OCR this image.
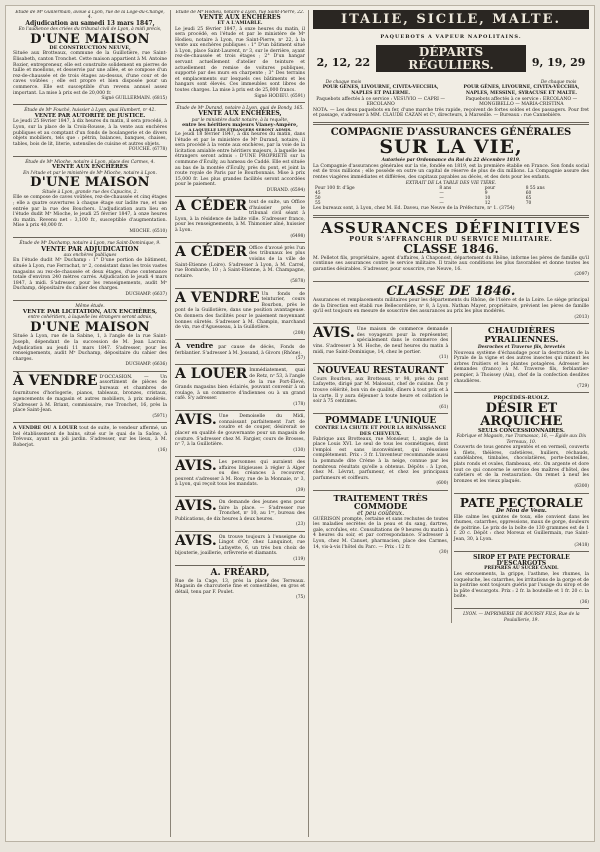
Étude de Mᵉ Guillermain, avoué à Lyon, rue de la Loge-du-Change, 4.

Adjudication au samedi 13 mars 1847,

En l'audience des criées du tribunal civil de Lyon, à midi précis,

D'UNE MAISON

DE CONSTRUCTION NEUVE,

Située aux Brotteaux, commune de la Guillotière, rue Saint-Élisabeth, canton Tronchet. Cette maison appartient à M. Antoine Rozier, entrepreneur, elle est construite solidement en pierres de taille et moellons, et desservie par une allée, et se compose d'un rez-de-chaussée et de trois étages au-dessus, d'une cour et de caves voûtées ; elle est propre et bien disposée pour un commerce. Elle est susceptible d'un revenu annuel assez important. La mise à prix est de 20,000 fr.

Signé GUILLERMAIN. (6815)

Étude de Mᵉ Fouché, huissier à Lyon, quai Humbert, nᵒ 42.

VENTE PAR AUTORITÉ DE JUSTICE.

Le jeudi 25 février 1847, à dix heures du matin, il sera procédé, à Lyon, sur la place de la Croix-Rousse, à la vente aux enchères publiques et au comptant d'un fonds de boulangerie et de divers objets mobiliers, tels que : pétrin, balances, banques, chaises, tables, bois de lit, literie, ustensiles de cuisine et autres objets.

FOUCHÉ. (6778)

Étude de Mᵉ Mioche, notaire à Lyon, place des Carmes, 4.

VENTE AUX ENCHÈRES

En l'étude et par le ministère de Mᵉ Mioche, notaire à Lyon.

D'UNE MAISON

Située à Lyon, grande rue des Capucins, 2.

Elle se compose de caves voûtées, rez-de-chaussée et cinq étages ; elle a quatre ouvertures à chaque étage sur ladite rue, et une entrée par la rue des Bouchers. L'adjudication aura lieu en l'étude dudit Mᵉ Mioche, le jeudi 25 février 1847, à onze heures du matin. Revenu net : 3,100 fr., susceptible d'augmentation. Mise à prix 40,000 fr.

MIOCHE. (6510)

Étude de Mᵉ Duchamp, notaire à Lyon, rue Saint-Dominique, 9.

VENTE PAR ADJUDICATION

aux enchères publiques

En l'étude dudit Mᵉ Duchamp : 1° D'une portion de bâtiment, située à Lyon, rue Ferrachat, nᵒ 2, consistant dans les trois vastes magasins au rez-de-chaussée et deux étages, d'une contenance totale d'environ 240 mètres carrés. Adjudication le jeudi 4 mars 1847, à midi. S'adresser, pour les renseignements, audit Mᵉ Duchamp, dépositaire du cahier des charges.

DUCHAMP. (6637)

Même étude.

VENTE PAR LICITATION, AUX ENCHÈRES,

entre cohéritiers, à laquelle les étrangers seront admis,

D'UNE MAISON

Située à Lyon, rue de la Sabine, 1, à l'angle de la rue Saint-Joseph, dépendant de la succession de M. Jean Lacroix. Adjudication au jeudi 11 mars 1847. S'adresser, pour les renseignements, audit Mᵉ Duchamp, dépositaire du cahier des charges.

DUCHAMP. (6636)

À VENDRE D'OCCASION. — Un assortiment de pièces de bureaux et chambres de fournitures d'horlogerie, pianos, tableaux, bronzes, cristaux, agencements de magasin et autres mobiliers, à prix modérés. S'adresser à M. Briant, commissaire, rue Tronchet, 16, près la place Saint-Jean.

(5971)

A VENDRE OU A LOUER tout de suite, le vendeur affermé, un bel établissement de bains, situé sur le quai de la Saône, à Trévoux, ayant un joli jardin. S'adresser, sur les lieux, à M. Roberjot.

(16)

Étude de Mᵉ Hodieu, notaire à Lyon, rue Saint-Pierre, 22.

VENTE AUX ENCHÈRES

ET A L'AMIABLE.

Le jeudi 25 février 1847, à onze heures du matin, il sera procédé, en l'étude et par le ministère de Mᵉ Hodieu, notaire à Lyon, rue Saint-Pierre, nᵒ 22, à la vente aux enchères publiques : 1° D'un bâtiment situé à Lyon, place Saint-Laurent, nᵒ 3, sur le derrière, ayant rez-de-chaussée et trois étages ; 2° D'un hangar servant actuellement d'atelier de teinture et actuellement de remise de voitures publiques, supporté par des murs en charpente ; 3° Des terrains et emplacements sur lesquels ces bâtiments et les hangars sont élevés. Ces immeubles sont libres de toutes charges. La mise à prix est de 25,000 francs.

Signé HODIEU. (6591)

Étude de Mᵉ Durand, notaire à Lyon, quai de Bondy, 165.

VENTE AUX ENCHÈRES,

par le ministère dudit notaire, à la requête,

entre les héritiers majeurs Vianey-Ampère,

A LAQUELLE LES ÉTRANGERS SERONT ADMIS.

Le jeudi 18 février 1847, à dix heures du matin, dans l'étude et par le ministère de Mᵉ Durand, notaire, il sera procédé à la vente aux enchères, par la voie de la licitation amiable entre héritiers majeurs, à laquelle les étrangers seront admis : D'UNE PROPRIÉTÉ sur la commune d'Écully, au hameau de Caddé. Elle est située au bas de la montée d'Écully, près du pont, et joint la route royale de Paris par le Bourbonnais. Mise à prix 15,000 fr. Les plus grandes facilités seront accordées pour le paiement.

DURAND. (6594)

A CÉDER tout de suite, un Office d'huissier près le tribunal civil séant à Lyon, à la résidence de ladite ville. S'adresser franco, pour les renseignements, à M. Thimonier aîné, huissier à Lyon.

(6498)

A CÉDER Office d'avoué près l'un des tribunaux les plus voisins de la ville de Saint-Etienne (Loire). S'adresser à Lyon, à M. Carrel, rue Bombarde, 10 ; à Saint-Etienne, à M. Champagne, notaire.

(5878)

A VENDRE Un fonds de teinturier, cours Bourbon, près le pont de la Guillotière, dans une position avantageuse. On donnera des facilités pour le paiement moyennant bonnes sûretés. S'adresser à M. Champin, marchand de vin, rue d'Aguesseau, à la Guillotière.

(208)

A vendre par cause de décès, Fonds de ferblantier. S'adresser à M. Jossand, à Givors (Rhône).

(57)

A LOUER Immédiatement, quai de Retz, nᵒ 53, à l'angle de la rue Port-Élevé, Grands magasins bien éclairés, pouvant convenir à un roulage, à un commerce d'indiennes ou à un grand café. S'y adresser.

(178)

AVIS. Une Demoiselle du Midi, connaissant parfaitement l'art de coudre et de couper, désirerait se placer en qualité de gouvernante pour un magasin de couture. S'adresser chez M. Fargier, cours de Brosses, nᵒ 7, à la Guillotière.

(130)

AVIS. Les personnes qui auraient des affaires litigieuses à régler à Alger ou des créances à recouvrer, peuvent s'adresser à M. Rosy, rue de la Monnaie, nᵒ 3, à Lyon, qui reçoit tous les mandats.

(39)

AVIS. On demande des jeunes gens pour faire la place. — S'adresser rue Tronchet, nᵒ 10, au 1ᵉʳ, bureau des Publications, de dix heures à deux heures.

(23)

AVIS. On trouve toujours à l'enseigne du Lingot d'Or, chez Lanquinot, rue Lafayette, 6, un très bon choix de bijouterie, joaillerie, orfèvrerie et diamants.

(119)

A. FRÉARD,

Rue de la Cage, 13, près la place des Terreaux. Magasin de charcuterie fine et comestibles, en gros et détail, tenu par F. Poulet.

(75)

ITALIE, SICILE, MALTE.

PAQUEBOTS A VAPEUR NAPOLITAINS.

2, 12, 22

De chaque mois

DÉPARTS RÉGULIERS.	9, 19, 29

De chaque mois

POUR GÊNES, LIVOURNE, CIVITA-VECCHIA, NAPLES ET PALERME.

Paquebots affectés à ce service : VESUVIO — CAPRI — ERCOLANO

POUR GÊNES, LIVOURNE, CIVITA-VECCHIA, NAPLES, MESSINE, SYRACUSE ET MALTE.

Paquebots affectés à ce service : ERCOLANO — MONGIBELLO — MARIA-CRISTINA

NOTA. — Les deux paquebots en fer, d'une marche très rapide, reçoivent de fortes soldes et des passagers. Pour fret et passage, s'adresser à MM. CLAUDE CAZAN et Cᵉ, directeurs, à Marseille. — Bureaux : rue Cannebière.

COMPAGNIE D'ASSURANCES GÉNÉRALES

SUR LA VIE,

Autorisée par Ordonnance du Roi du 22 décembre 1819.

La Compagnie d'assurances générales sur la vie, fondée en 1819, est la première établie en France. Son fonds social est de trois millions ; elle possède en outre un capital de réserve de plus de dix millions. La Compagnie assure des rentes viagères immédiates et différées, des capitaux payables au décès, et des dots pour les enfants.

EXTRAIT DE LA TABLE DES VIE TIÈRE.

Pour 100 fr. d'âge	8 ans	pour	8 55 ans
45	—	9	60
50	—	10	65
55	—	12	70

Les bureaux sont, à Lyon, chez M. Ed. Daveu, rue Neuve de la Préfecture, nᵒ 1. (3754)

ASSURANCES DÉFINITIVES

POUR S'AFFRANCHIR DU SERVICE MILITAIRE.

CLASSE 1846.

M. Pelletot fils, propriétaire, agent d'affaires, à Chaponost, département du Rhône, informe les pères de famille qu'il continue ses assurances contre le service militaire. Il traite aux conditions les plus favorables et donne toutes les garanties désirables. S'adresser, pour souscrire, rue Neuve, 16.

(2097)

CLASSE DE 1846.

Assurances et remplacements militaires pour les départements du Rhône, de l'Isère et de la Loire. Le siège principal de la Direction est établi rue Bellecordière, nᵒ 8, à Lyon. Nathan Mayer, propriétaire, prévient les pères de famille qu'il est toujours en mesure de souscrire des assurances au prix les plus modérés.

(2013)

AVIS. Une maison de commerce demande des voyageurs pour la représenter, spécialement dans le commerce des vins. S'adresser à M. Hoche, de neuf heures du matin à midi, rue Saint-Dominique, 14, chez le portier.

(11)

NOUVEAU RESTAURANT

Cours Bourbon, aux Brotteaux, nᵒ 98, près du pont Lafayette, dirigé par M. Malossat, chef de cuisine. On y trouve célérité, bon vin de qualité, dîners à tout prix et à la carte. Il y aura déjeuner à toute heure et collation le soir à 75 centimes.

(61)

POMMADE L'UNIQUE

CONTRE LA CHUTE ET POUR LA RENAISSANCE DES CHEVEUX.

Fabrique aux Brotteaux, rue Monsieur, 1, angle de la place Louis XVI. Le seul de tous les cosmétiques, dont l'emploi est sans inconvénient, qui réussisse complètement. Prix : 3 fr. L'inventeur recommande aussi la pommade dite Crème à la neige, connue par les nombreux résultats qu'elle a obtenus. Dépôts : à Lyon, chez M. Lévrat, parfumeur, et chez les principaux parfumeurs et coiffeurs.

(600)

TRAITEMENT TRÈS COMMODE

et peu coûteux.

GUÉRISON prompte, certaine et sans rechutes de toutes les maladies secrètes de la peau et du sang, dartres, gale, scrofules, etc. Consultations de 9 heures du matin à 4 heures du soir, et par correspondance. S'adresser à Lyon, chez M. Canuet, pharmacien, place des Carmes, 14, vis-à-vis l'hôtel du Parc. — Prix : 12 fr.

(30)

CHAUDIÈRES PYRALIENNES.

Desroches et Traverse fils, brevetés

Nouveau système d'échaudage pour la destruction de la Pyrale de la vigne et des autres insectes qui minent les arbres fruitiers et les plantes potagères. Adresser les demandes (franco) à M. Traverse fils, ferblantier-pompier, à Thoissey (Ain), chef de la confection desdites chaudières.

(729)

PROCÉDÉS-RUOLZ.

DÉSIR ET ARQUICHE

SEULS CONCESSIONNAIRES.

Fabrique et Magasin, rue Tramassac, 16, — Égide aux Dix Terreaux, 10.

Couverts de tous genres argentés et en vermeil, couverts à filets, théières, cafetières, huiliers, réchauds, candélabres, timbales, chocolatières, porte-bouteilles, plats ronds et ovales, flambeaux, etc. On argente et dore tout ce qui concerne le service des maîtres d'hôtel, des cafetiers et de la restauration. On remet à neuf les bronzes et les vieux plaqués.

(6300)

PATE PECTORALE

De Mou de Veau.

Elle calme les quintes de toux, elle convient dans les rhumes, catarrhes, oppressions, maux de gorge, douleurs de poitrine. Le prix de la boîte de 130 grammes est de 1 f. 20 c. Dépôt : chez Moreux et Guillermain, rue Saint-Jean, 30, à Lyon.

(3418)

SIROP ET PATE PECTORALE D'ESCARGOTS

PRÉPARÉS AU SUCRE CANDI.

Les enrouements, la grippe, l'asthme, les rhumes, la coqueluche, les catarrhes, les irritations de la gorge et de la poitrine sont toujours guéris par l'usage du sirop et de la pâte d'escargots. Prix : 2 fr. la bouteille et 1 fr. 20 c. la boîte.

(36)

LYON. — IMPRIMERIE DE BOURSY FILS, Rue de la Poulaillerie, 19.
